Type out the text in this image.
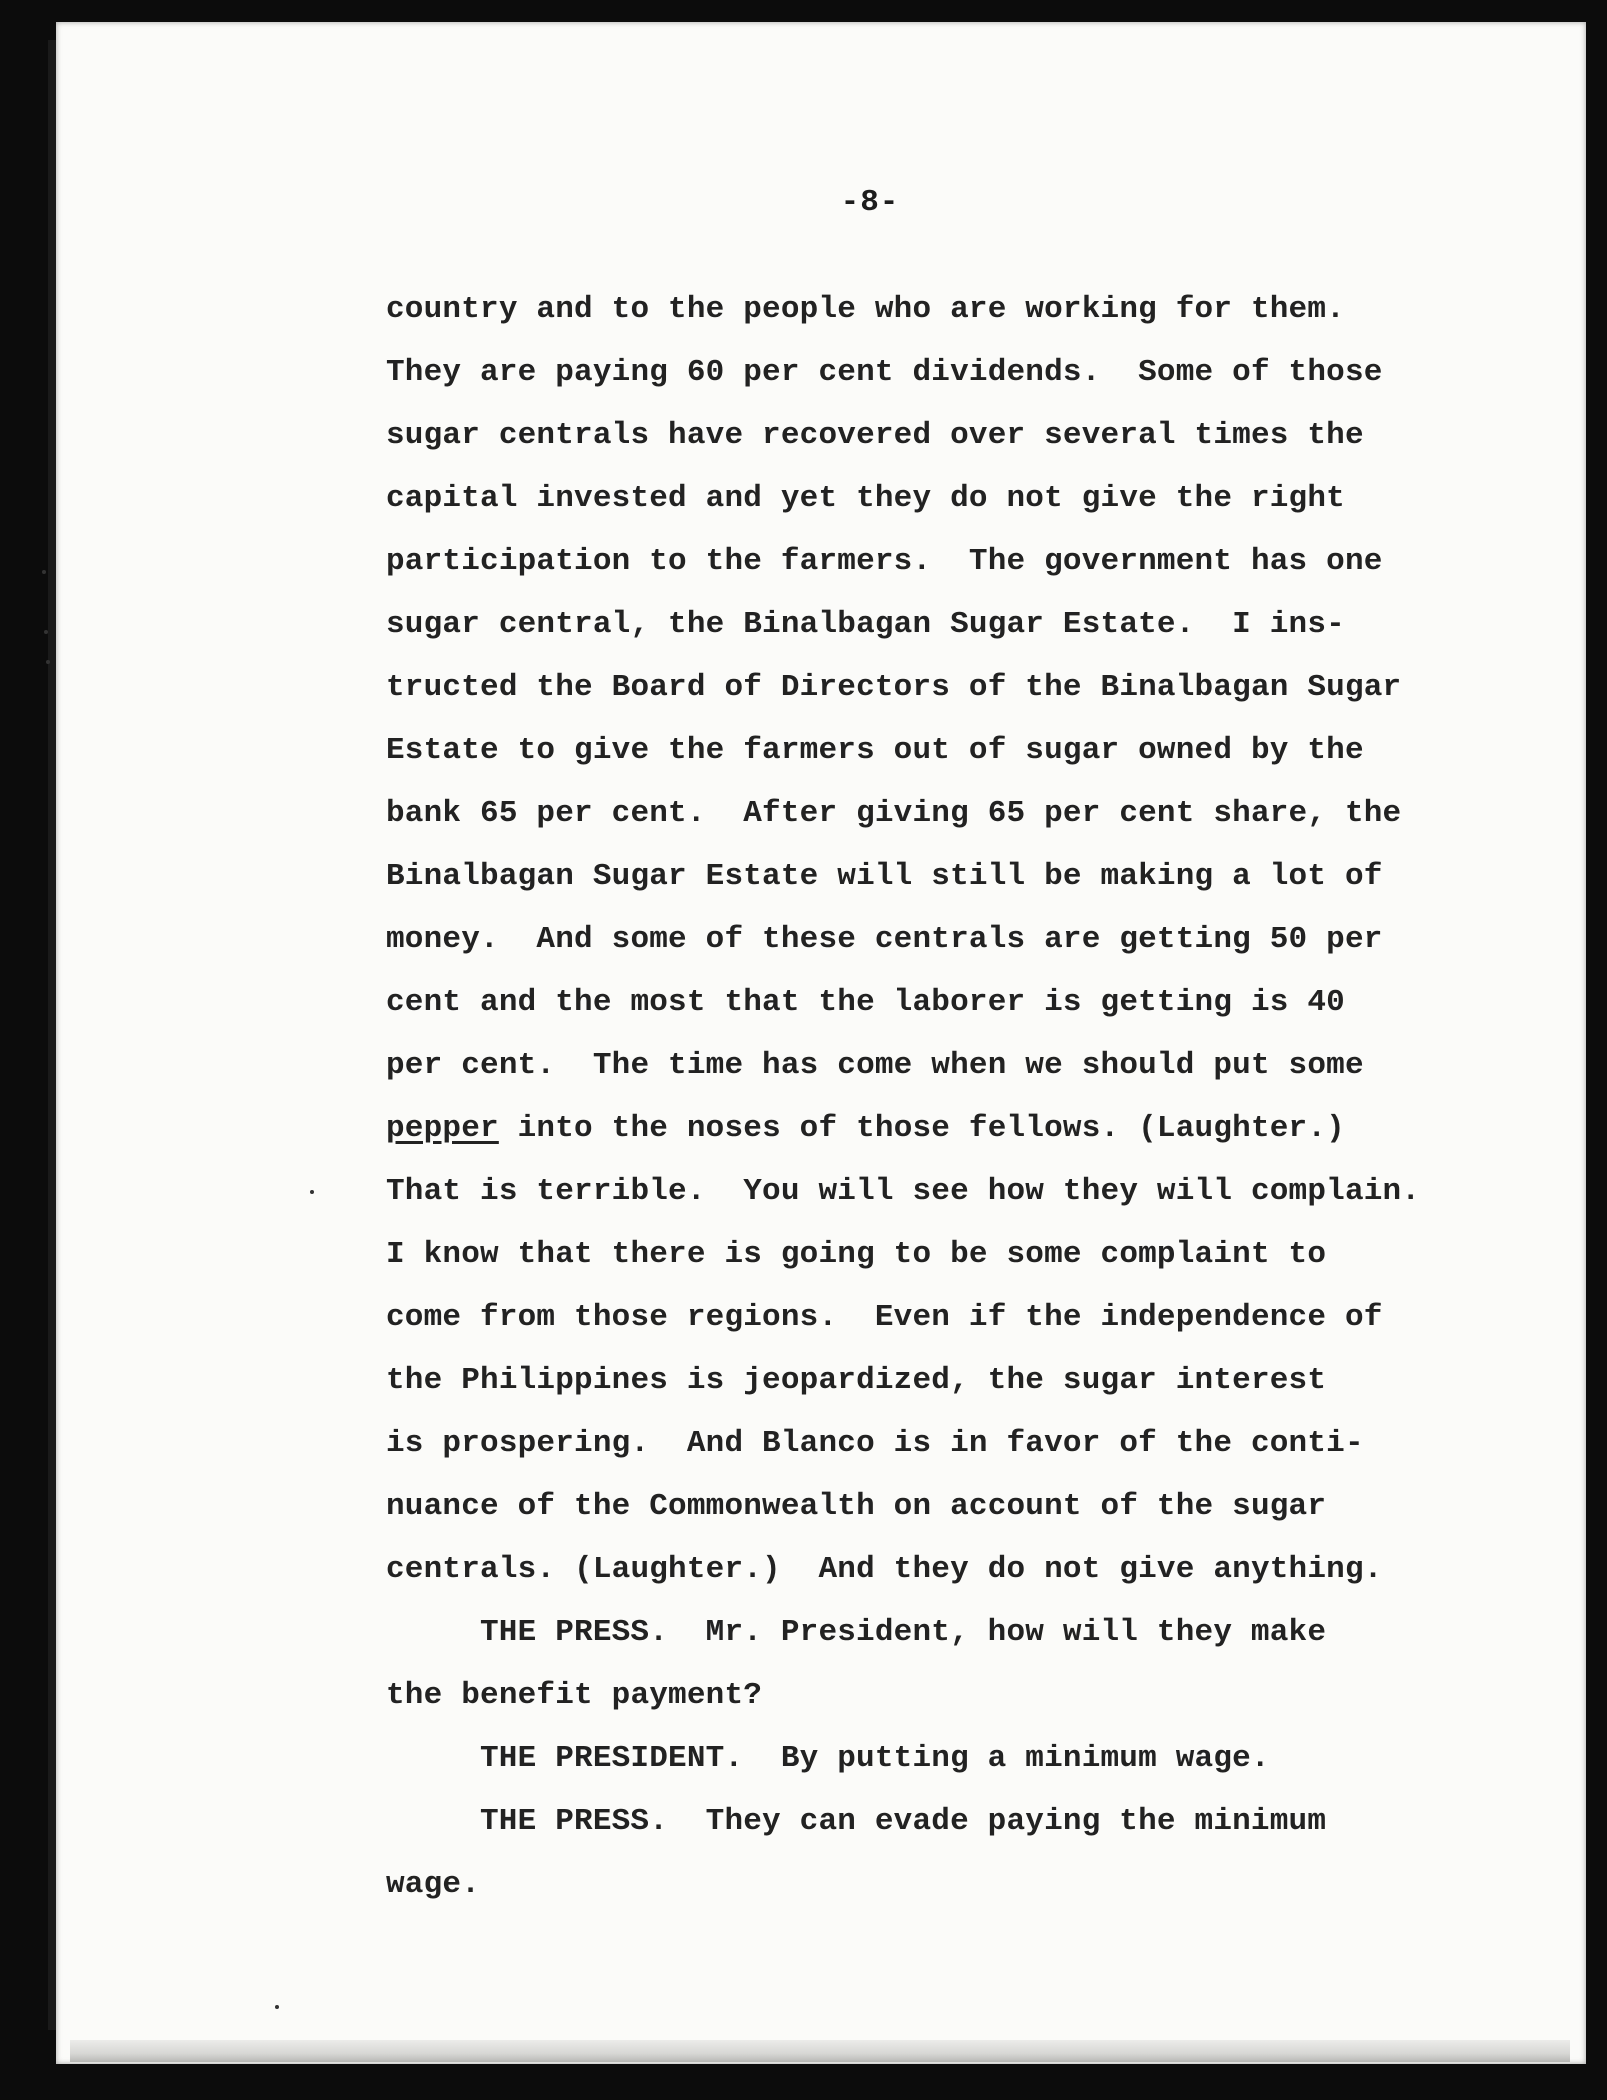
-8-
country and to the people who are working for them.
They are paying 60 per cent dividends.  Some of those
sugar centrals have recovered over several times the
capital invested and yet they do not give the right
participation to the farmers.  The government has one
sugar central, the Binalbagan Sugar Estate.  I ins-
tructed the Board of Directors of the Binalbagan Sugar
Estate to give the farmers out of sugar owned by the
bank 65 per cent.  After giving 65 per cent share, the
Binalbagan Sugar Estate will still be making a lot of
money.  And some of these centrals are getting 50 per
cent and the most that the laborer is getting is 40
per cent.  The time has come when we should put some
pepper into the noses of those fellows. (Laughter.)
That is terrible.  You will see how they will complain.
I know that there is going to be some complaint to
come from those regions.  Even if the independence of
the Philippines is jeopardized, the sugar interest
is prospering.  And Blanco is in favor of the conti-
nuance of the Commonwealth on account of the sugar
centrals. (Laughter.)  And they do not give anything.
THE PRESS.  Mr. President, how will they make
the benefit payment?
THE PRESIDENT.  By putting a minimum wage.
THE PRESS.  They can evade paying the minimum
wage.
